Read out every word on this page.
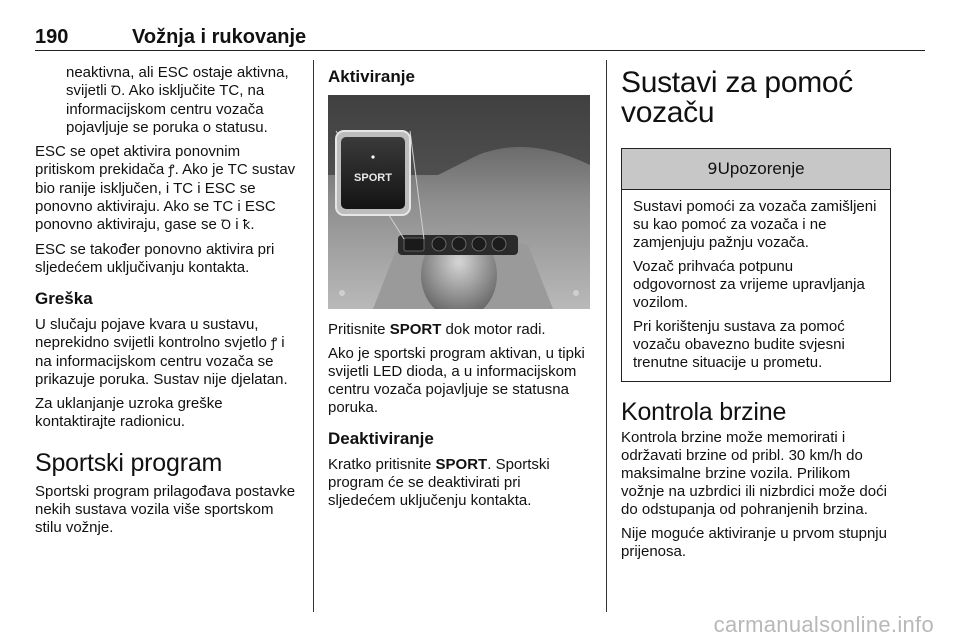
190	Vožnja i rukovanje

neaktivna, ali ESC ostaje aktivna, svijetli Ꝺ. Ako isključite TC, na informacijskom centru vozača pojavljuje se poruka o statusu.

ESC se opet aktivira ponovnim pritiskom prekidača ꝭ. Ako je TC sustav bio ranije isključen, i TC i ESC se ponovno aktiviraju. Ako se TC i ESC ponovno aktiviraju, gase se Ꝺ i ꝁ.

ESC se također ponovno aktivira pri sljedećem uključivanju kontakta.

Greška

U slučaju pojave kvara u sustavu, neprekidno svijetli kontrolno svjetlo ꝭ i na informacijskom centru vozača se prikazuje poruka. Sustav nije djelatan.

Za uklanjanje uzroka greške kontaktirajte radionicu.

Sportski program

Sportski program prilagođava postavke nekih sustava vozila više sportskom stilu vožnje.

Aktiviranje
SPORT

Pritisnite SPORT dok motor radi.

Ako je sportski program aktivan, u tipki svijetli LED dioda, a u informacijskom centru vozača pojavljuje se statusna poruka.

Deaktiviranje

Kratko pritisnite SPORT. Sportski program će se deaktivirati pri sljedećem uključenju kontakta.

Sustavi za pomoć vozaču
9Upozorenje

Sustavi pomoći za vozača zamišljeni su kao pomoć za vozača i ne zamjenjuju pažnju vozača.

Vozač prihvaća potpunu odgovornost za vrijeme upravljanja vozilom.

Pri korištenju sustava za pomoć vozaču obavezno budite svjesni trenutne situacije u prometu.

Kontrola brzine

Kontrola brzine može memorirati i održavati brzine od pribl. 30 km/h do maksimalne brzine vozila. Prilikom vožnje na uzbrdici ili nizbrdici može doći do odstupanja od pohranjenih brzina.

Nije moguće aktiviranje u prvom stupnju prijenosa.

carmanualsonline.info
